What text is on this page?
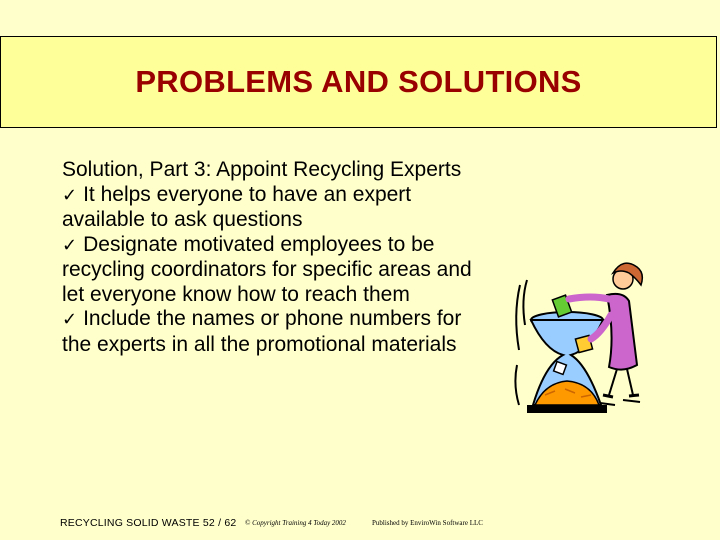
PROBLEMS AND SOLUTIONS

Solution, Part 3: Appoint Recycling Experts

✓ It helps everyone to have an expert available to ask questions

✓ Designate motivated employees to be recycling coordinators for specific areas and let everyone know how to reach them

✓ Include the names or phone numbers for the experts in all the promotional materials

RECYCLING SOLID WASTE 52 / 62 © Copyright Training 4 Today 2002	Published by EnviroWin Software LLC
